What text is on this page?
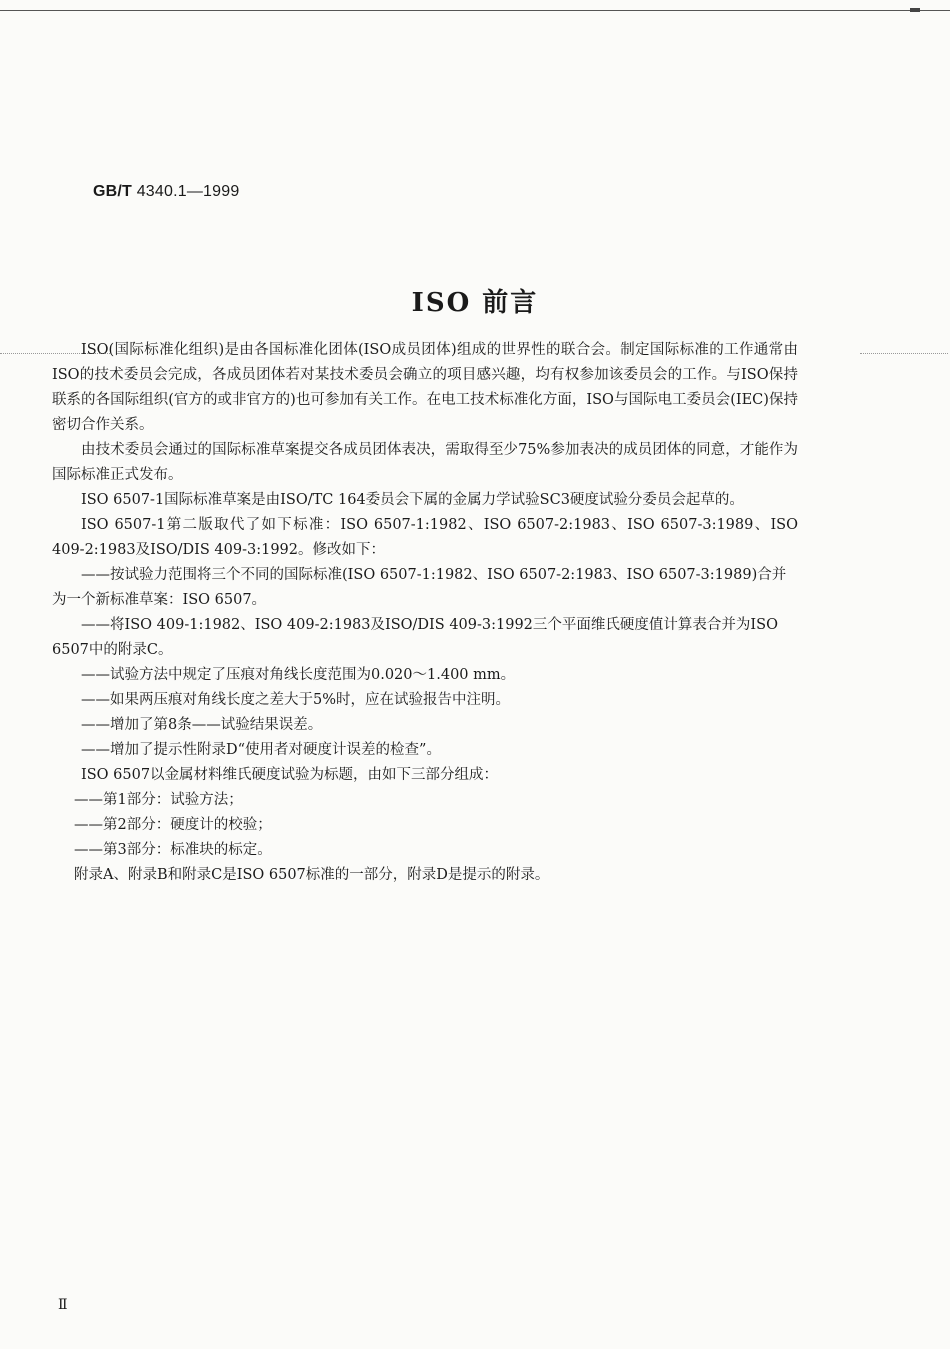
GB/T 4340.1—1999
ISO 前言

ISO(国际标准化组织)是由各国标准化团体(ISO成员团体)组成的世界性的联合会。制定国际标准的工作通常由ISO的技术委员会完成，各成员团体若对某技术委员会确立的项目感兴趣，均有权参加该委员会的工作。与ISO保持联系的各国际组织(官方的或非官方的)也可参加有关工作。在电工技术标准化方面，ISO与国际电工委员会(IEC)保持密切合作关系。

由技术委员会通过的国际标准草案提交各成员团体表决，需取得至少75%参加表决的成员团体的同意，才能作为国际标准正式发布。

ISO 6507-1国际标准草案是由ISO/TC 164委员会下属的金属力学试验SC3硬度试验分委员会起草的。

ISO 6507-1第二版取代了如下标准：ISO 6507-1:1982、ISO 6507-2:1983、ISO 6507-3:1989、ISO 409-2:1983及ISO/DIS 409-3:1992。修改如下：

——按试验力范围将三个不同的国际标准(ISO 6507-1:1982、ISO 6507-2:1983、ISO 6507-3:1989)合并为一个新标准草案：ISO 6507。

——将ISO 409-1:1982、ISO 409-2:1983及ISO/DIS 409-3:1992三个平面维氏硬度值计算表合并为ISO 6507中的附录C。

——试验方法中规定了压痕对角线长度范围为0.020～1.400 mm。

——如果两压痕对角线长度之差大于5%时，应在试验报告中注明。

——增加了第8条——试验结果误差。

——增加了提示性附录D“使用者对硬度计误差的检查”。

ISO 6507以金属材料维氏硬度试验为标题，由如下三部分组成：

——第1部分：试验方法；

——第2部分：硬度计的校验；

——第3部分：标准块的标定。

附录A、附录B和附录C是ISO 6507标准的一部分，附录D是提示的附录。

Ⅱ
